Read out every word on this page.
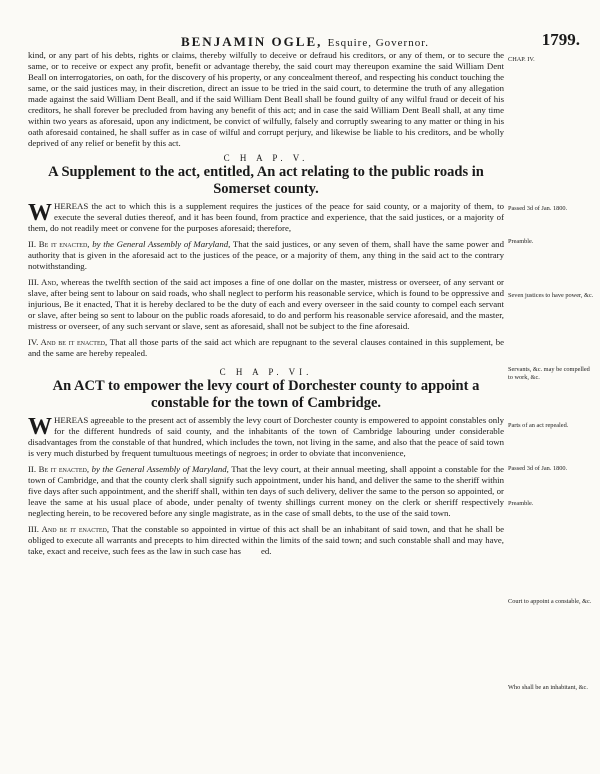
BENJAMIN OGLE, Esquire, Governor.	1799.
CHAP. IV.
Passed 3d of Jan. 1800.
Preamble.
Seven justices to have power, &c.
Servants, &c. may be compelled to work, &c.
Parts of an act repealed.
Passed 3d of Jan. 1800.
Preamble.
Court to appoint a constable, &c.
Who shall be an inhabitant, &c.

kind, or any part of his debts, rights or claims, thereby wilfully to deceive or defraud his creditors, or any of them, or to secure the same, or to receive or expect any profit, benefit or advantage thereby, the said court may thereupon examine the said William Dent Beall on interrogatories, on oath, for the discovery of his property, or any concealment thereof, and respecting his conduct touching the same, or the said justices may, in their discretion, direct an issue to be tried in the said court, to determine the truth of any allegation made against the said William Dent Beall, and if the said William Dent Beall shall be found guilty of any wilful fraud or deceit of his creditors, he shall forever be precluded from having any benefit of this act; and in case the said William Dent Beall shall, at any time within two years as aforesaid, upon any indictment, be convict of wilfully, falsely and corruptly swearing to any matter or thing in his oath aforesaid contained, he shall suffer as in case of wilful and corrupt perjury, and likewise be liable to his creditors, and be wholly deprived of any relief or benefit by this act.

C H A P. V.
A Supplement to the act, entitled, An act relating to the public roads in Somerset county.

WHEREAS the act to which this is a supplement requires the justices of the peace for said county, or a majority of them, to execute the several duties thereof, and it has been found, from practice and experience, that the said justices, or a majority of them, do not readily meet or convene for the purposes aforesaid; therefore,

II. Be it enacted, by the General Assembly of Maryland, That the said justices, or any seven of them, shall have the same power and authority that is given in the aforesaid act to the justices of the peace, or a majority of them, any thing in the said act to the contrary notwithstanding.

III. And, whereas the twelfth section of the said act imposes a fine of one dollar on the master, mistress or overseer, of any servant or slave, after being sent to labour on said roads, who shall neglect to perform his reasonable service, which is found to be oppressive and injurious, Be it enacted, That it is hereby declared to be the duty of each and every overseer in the said county to compel each servant or slave, after being so sent to labour on the public roads aforesaid, to do and perform his reasonable service aforesaid, and the master, mistress or overseer, of any such servant or slave, sent as aforesaid, shall not be subject to the fine aforesaid.

IV. And be it enacted, That all those parts of the said act which are repugnant to the several clauses contained in this supplement, be and the same are hereby repealed.

C H A P. VI.
An ACT to empower the levy court of Dorchester county to appoint a constable for the town of Cambridge.

WHEREAS agreeable to the present act of assembly the levy court of Dorchester county is empowered to appoint constables only for the different hundreds of said county, and the inhabitants of the town of Cambridge labouring under considerable disadvantages from the constable of that hundred, which includes the town, not living in the same, and also that the peace of said town is very much disturbed by frequent tumultuous meetings of negroes; in order to obviate that inconvenience,

II. Be it enacted, by the General Assembly of Maryland, That the levy court, at their annual meeting, shall appoint a constable for the town of Cambridge, and that the county clerk shall signify such appointment, under his hand, and deliver the same to the sheriff within five days after such appointment, and the sheriff shall, within ten days of such delivery, deliver the same to the person so appointed, or leave the same at his usual place of abode, under penalty of twenty shillings current money on the clerk or sheriff respectively neglecting herein, to be recovered before any single magistrate, as in the case of small debts, to the use of the said town.

III. And be it enacted, That the constable so appointed in virtue of this act shall be an inhabitant of said town, and that he shall be obliged to execute all warrants and precepts to him directed within the limits of the said town; and such constable shall and may have, take, exact and receive, such fees as the law in such case has ed.
